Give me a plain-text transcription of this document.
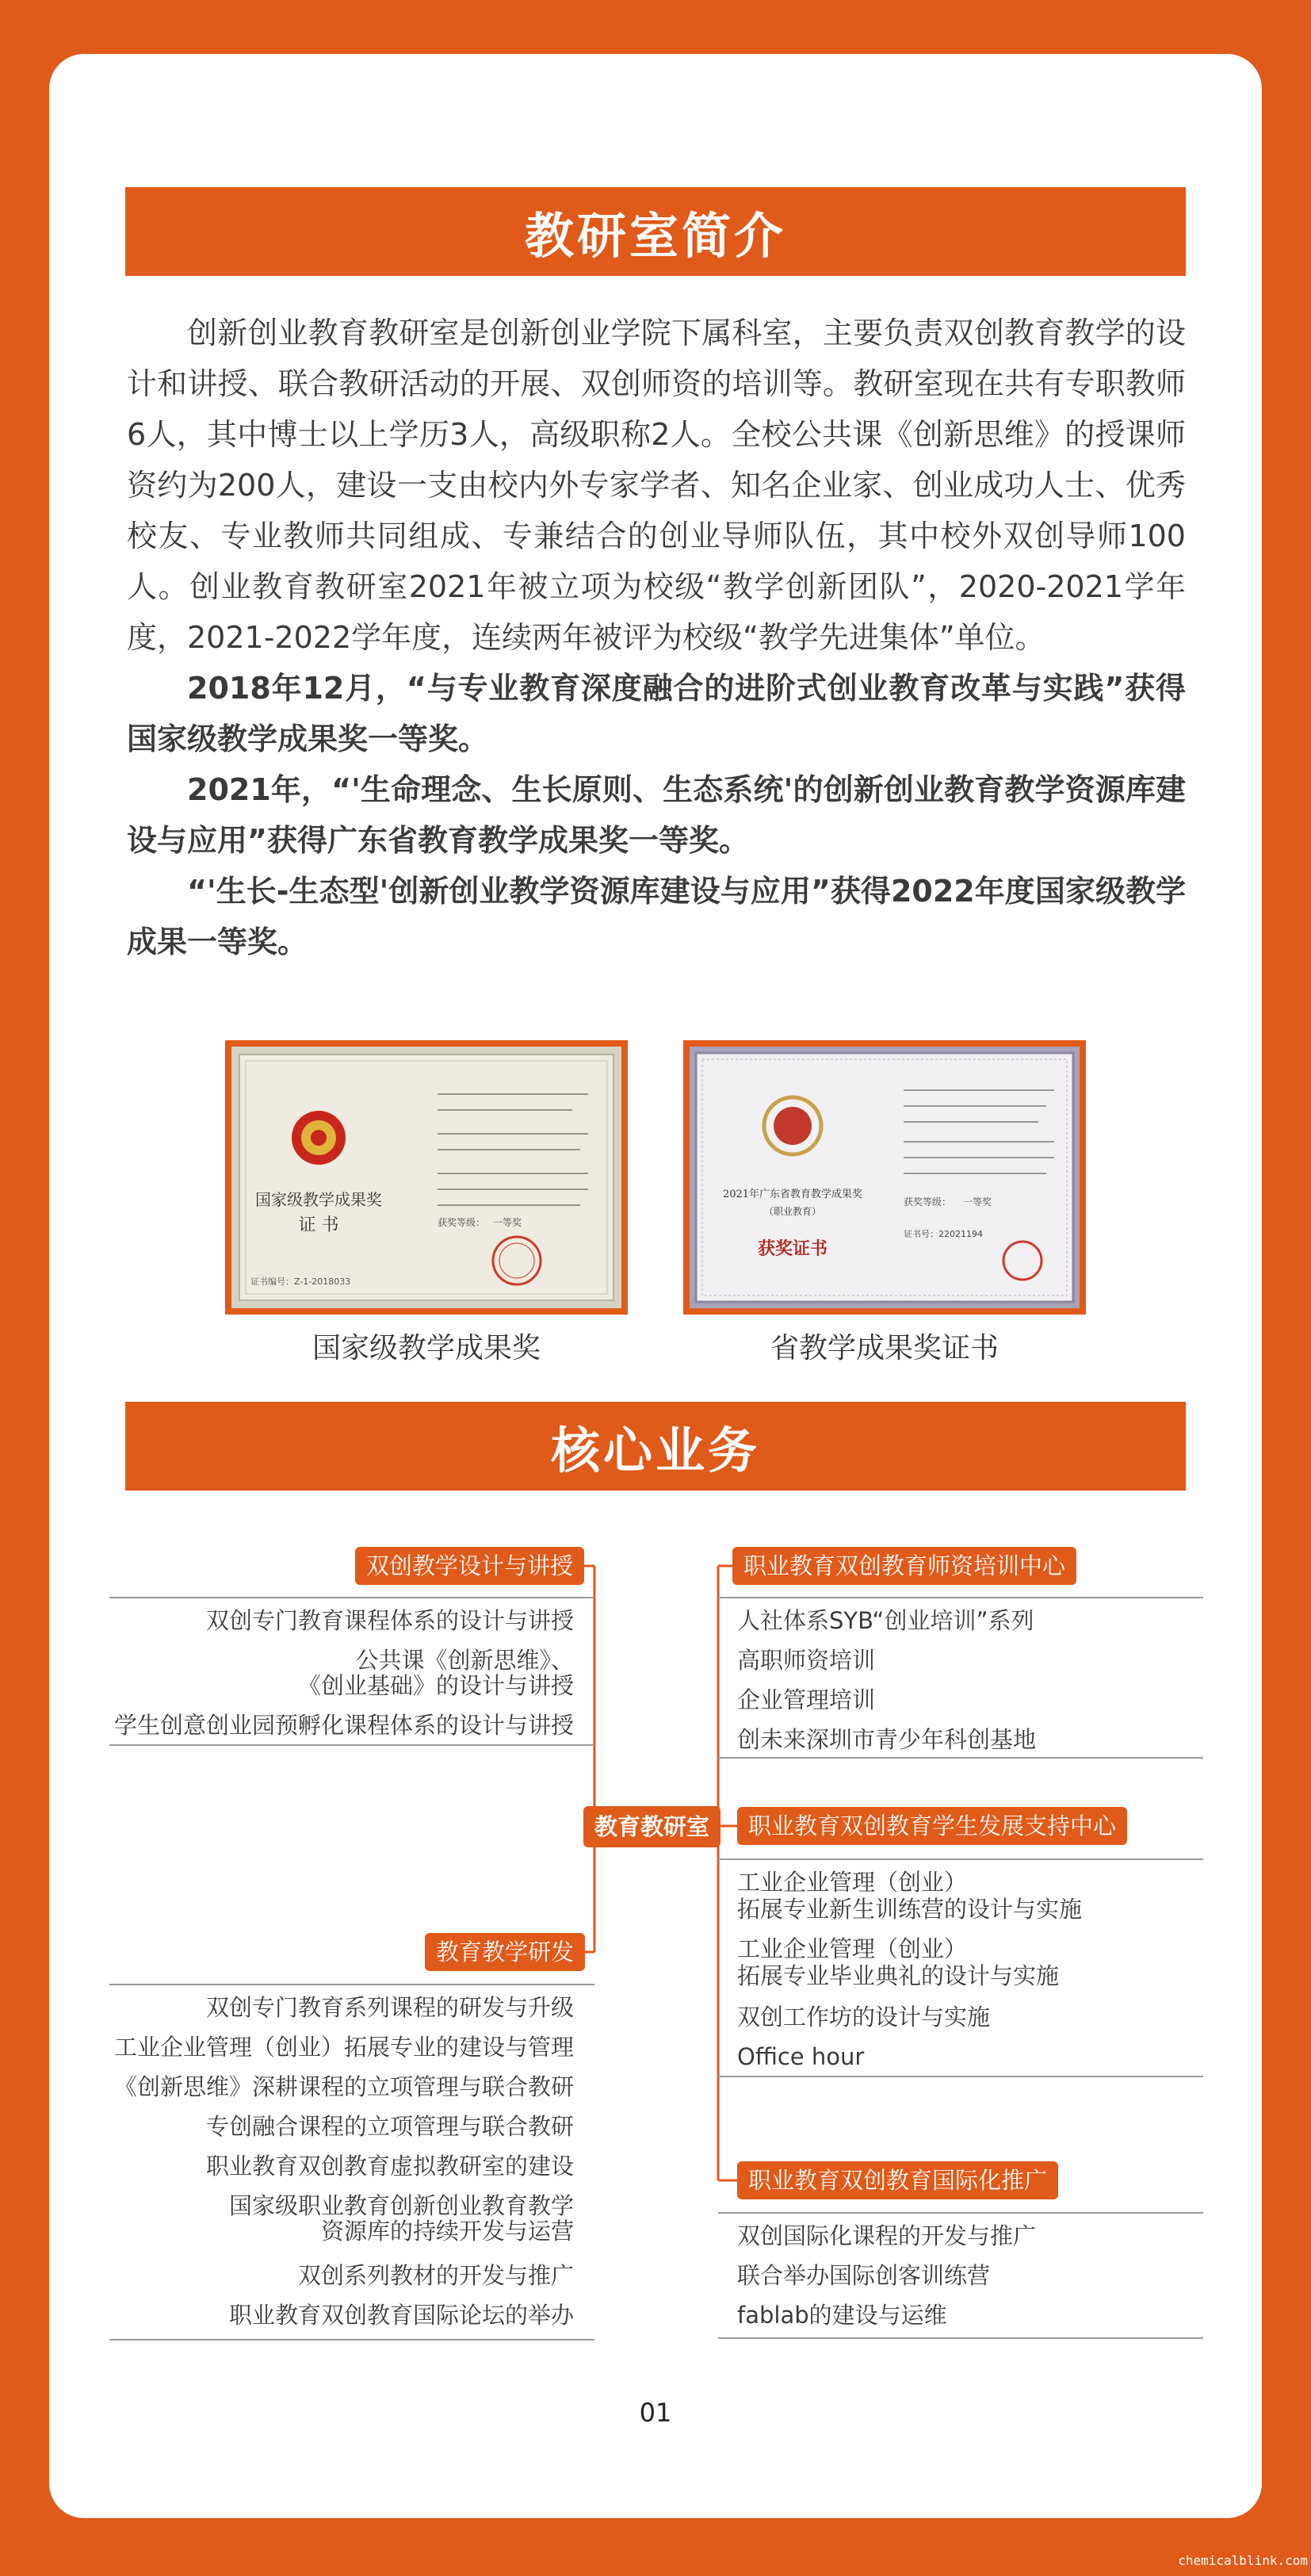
教研室简介

创新创业教育教研室是创新创业学院下属科室，主要负责双创教育教学的设计和讲授、联合教研活动的开展、双创师资的培训等。教研室现在共有专职教师6人，其中博士以上学历3人，高级职称2人。全校公共课《创新思维》的授课师资约为200人，建设一支由校内外专家学者、知名企业家、创业成功人士、优秀校友、专业教师共同组成、专兼结合的创业导师队伍，其中校外双创导师100人。创业教育教研室2021年被立项为校级“教学创新团队”，2020-2021学年度，2021-2022学年度，连续两年被评为校级“教学先进集体”单位。

2018年12月，“与专业教育深度融合的进阶式创业教育改革与实践”获得国家级教学成果奖一等奖。

2021年，“'生命理念、生长原则、生态系统'的创新创业教育教学资源库建设与应用”获得广东省教育教学成果奖一等奖。

“'生长-生态型'创新创业教学资源库建设与应用”获得2022年度国家级教学成果一等奖。

国家级教学成果奖
证 书
证书编号：Z-1-2018033
获奖等级： 一等奖
2021年广东省教育教学成果奖
（职业教育）
获奖证书
获奖等级： 一等奖
证书号：22021194
国家级教学成果奖	省教学成果奖证书
核心业务
教育教研室
双创教学设计与讲授
双创专门教育课程体系的设计与讲授
公共课《创新思维》、
《创业基础》的设计与讲授
学生创意创业园预孵化课程体系的设计与讲授
教育教学研发
双创专门教育系列课程的研发与升级
工业企业管理（创业）拓展专业的建设与管理
《创新思维》深耕课程的立项管理与联合教研
专创融合课程的立项管理与联合教研
职业教育双创教育虚拟教研室的建设
国家级职业教育创新创业教育教学
资源库的持续开发与运营
双创系列教材的开发与推广
职业教育双创教育国际论坛的举办
职业教育双创教育师资培训中心
人社体系SYB“创业培训”系列
高职师资培训
企业管理培训
创未来深圳市青少年科创基地
职业教育双创教育学生发展支持中心
工业企业管理（创业）
拓展专业新生训练营的设计与实施
工业企业管理（创业）
拓展专业毕业典礼的设计与实施
双创工作坊的设计与实施
Office hour
职业教育双创教育国际化推广
双创国际化课程的开发与推广
联合举办国际创客训练营
fablab的建设与运维
01
chemicalblink.com
